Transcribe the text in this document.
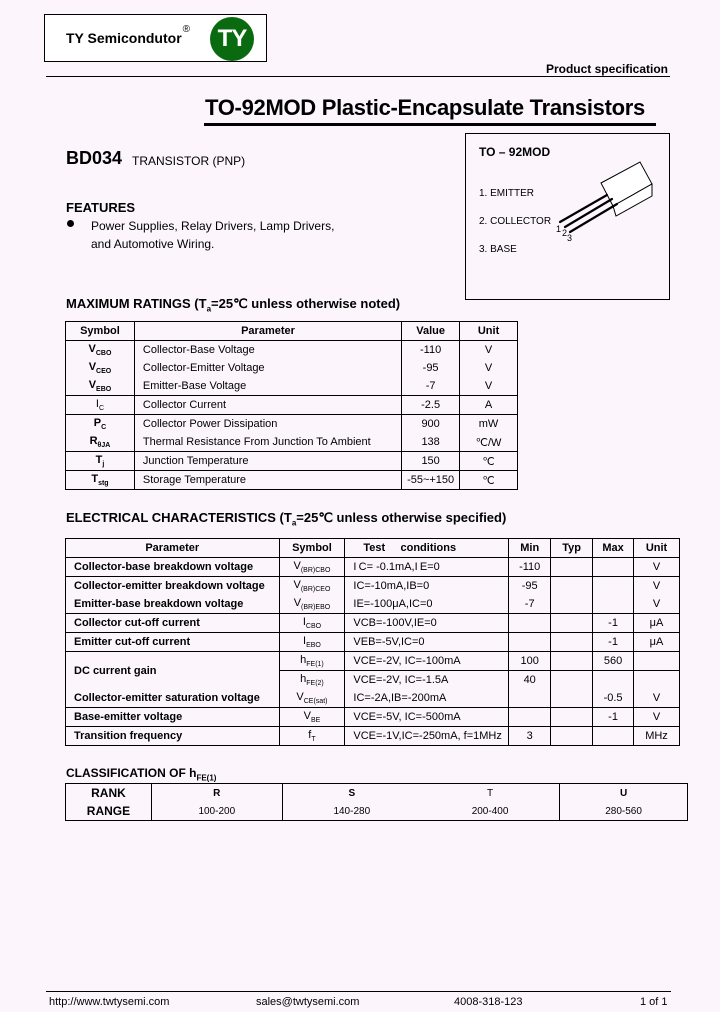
TY Semicondutor®	TY
Product specification
TO-92MOD Plastic-Encapsulate Transistors
BD034 TRANSISTOR (PNP)
FEATURES
Power Supplies, Relay Drivers, Lamp Drivers,
and Automotive Wiring.
TO – 92MOD
1. EMITTER
2. COLLECTOR
3. BASE
1 2 3
MAXIMUM RATINGS ($T_a=25℃$ unless otherwise noted)
Symbol	Parameter	Value	Unit
$V_{CBO}$	Collector-Base Voltage	-110	V
$V_{CEO}$	Collector-Emitter Voltage	-95	V
$V_{EBO}$	Emitter-Base Voltage	-7	V
$I_C$	Collector Current	-2.5	A
$P_C$	Collector Power Dissipation	900	mW
$R_{\theta JA}$	Thermal Resistance From Junction To Ambient	138	℃/W
$T_j$	Junction Temperature	150	℃
$T_{stg}$	Storage Temperature	-55~+150	℃
ELECTRICAL CHARACTERISTICS ($T_a=25℃$ unless otherwise specified)
Parameter	Symbol	Test     conditions	Min	Typ	Max	Unit
Collector-base breakdown voltage	$V_{(BR)CBO}$	I C= -0.1mA,I E=0	-110			V
Collector-emitter breakdown voltage	$V_{(BR)CEO}$	IC=-10mA,IB=0	-95			V
Emitter-base breakdown voltage	$V_{(BR)EBO}$	IE=-100μA,IC=0	-7			V
Collector cut-off current	$I_{CBO}$	VCB=-100V,IE=0			-1	μA
Emitter cut-off current	$I_{EBO}$	VEB=-5V,IC=0			-1	μA
DC current gain	$h_{FE(1)}$	VCE=-2V, IC=-100mA	100		560	
	$h_{FE(2)}$	VCE=-2V, IC=-1.5A	40			
Collector-emitter saturation voltage	$V_{CE(sat)}$	IC=-2A,IB=-200mA			-0.5	V
Base-emitter voltage	$V_{BE}$	VCE=-5V, IC=-500mA			-1	V
Transition frequency	$f_T$	VCE=-1V,IC=-250mA, f=1MHz	3			MHz
CLASSIFICATION OF $h_{FE(1)}$
RANK	R	S	T	U
RANGE	100-200	140-280	200-400	280-560
http://www.twtysemi.com	sales@twtysemi.com	4008-318-123	1 of 1
